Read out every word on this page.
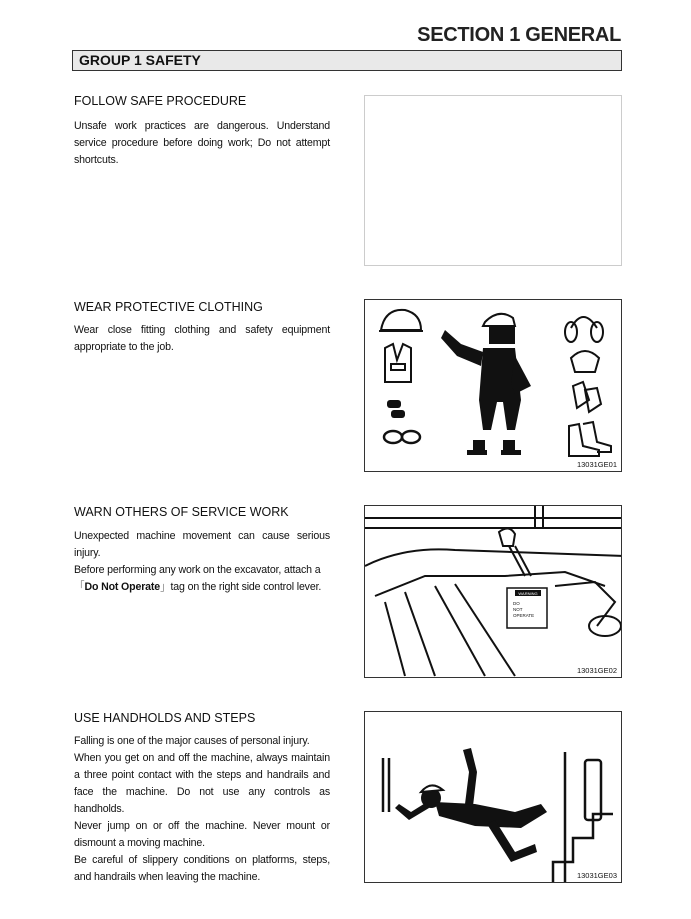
SECTION 1 GENERAL
GROUP 1 SAFETY
FOLLOW SAFE PROCEDURE

Unsafe work practices are dangerous. Understand service procedure before doing work; Do not attempt shortcuts.

WEAR PROTECTIVE CLOTHING

Wear close fitting clothing and safety equipment appropriate to the job.

13031GE01
WARN OTHERS OF SERVICE WORK

Unexpected machine movement can cause serious injury.

Before performing any work on the excavator, attach a

「Do Not Operate」tag on the right side control lever.

WARNING
DO
NOT
OPERATE
13031GE02
USE HANDHOLDS AND STEPS

Falling is one of the major causes of personal injury.

When you get on and off the machine, always maintain a three point contact with the steps and handrails and face the machine. Do not use any controls as handholds.

Never jump on or off the machine. Never mount or dismount a moving machine.

Be careful of slippery conditions on platforms, steps, and handrails when leaving the machine.	13031GE03
